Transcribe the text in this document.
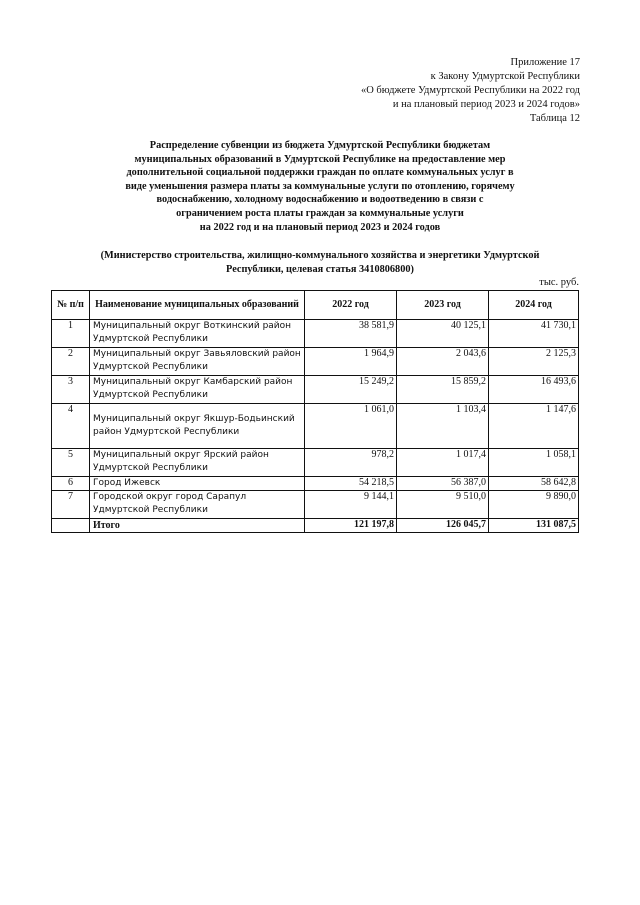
Приложение 17
к Закону Удмуртской Республики
«О бюджете Удмуртской Республики на 2022 год
и на плановый период 2023 и 2024 годов»
Таблица 12
Распределение субвенции из бюджета Удмуртской Республики бюджетам
муниципальных образований в Удмуртской Республике на предоставление мер
дополнительной социальной поддержки граждан по оплате коммунальных услуг в
виде уменьшения размера платы за коммунальные услуги по отоплению, горячему
водоснабжению, холодному водоснабжению и водоотведению в связи с
ограничением роста платы граждан за коммунальные услуги
на 2022 год и на плановый период 2023 и 2024 годов
(Министерство строительства, жилищно-коммунального хозяйства и энергетики Удмуртской
Республики, целевая статья 3410806800)
тыс. руб.
№ п/п	Наименование муниципальных образований	2022 год	2023 год	2024 год
1	Муниципальный округ Воткинский район Удмуртской Республики	38 581,9	40 125,1	41 730,1
2	Муниципальный округ Завьяловский район Удмуртской Республики	1 964,9	2 043,6	2 125,3
3	Муниципальный округ Камбарский район Удмуртской Республики	15 249,2	15 859,2	16 493,6
4	Муниципальный округ Якшур-Бодьинский район Удмуртской Республики	1 061,0	1 103,4	1 147,6
5	Муниципальный округ Ярский район Удмуртской Республики	978,2	1 017,4	1 058,1
6	Город Ижевск	54 218,5	56 387,0	58 642,8
7	Городской округ город Сарапул Удмуртской Республики	9 144,1	9 510,0	9 890,0
	Итого	121 197,8	126 045,7	131 087,5
